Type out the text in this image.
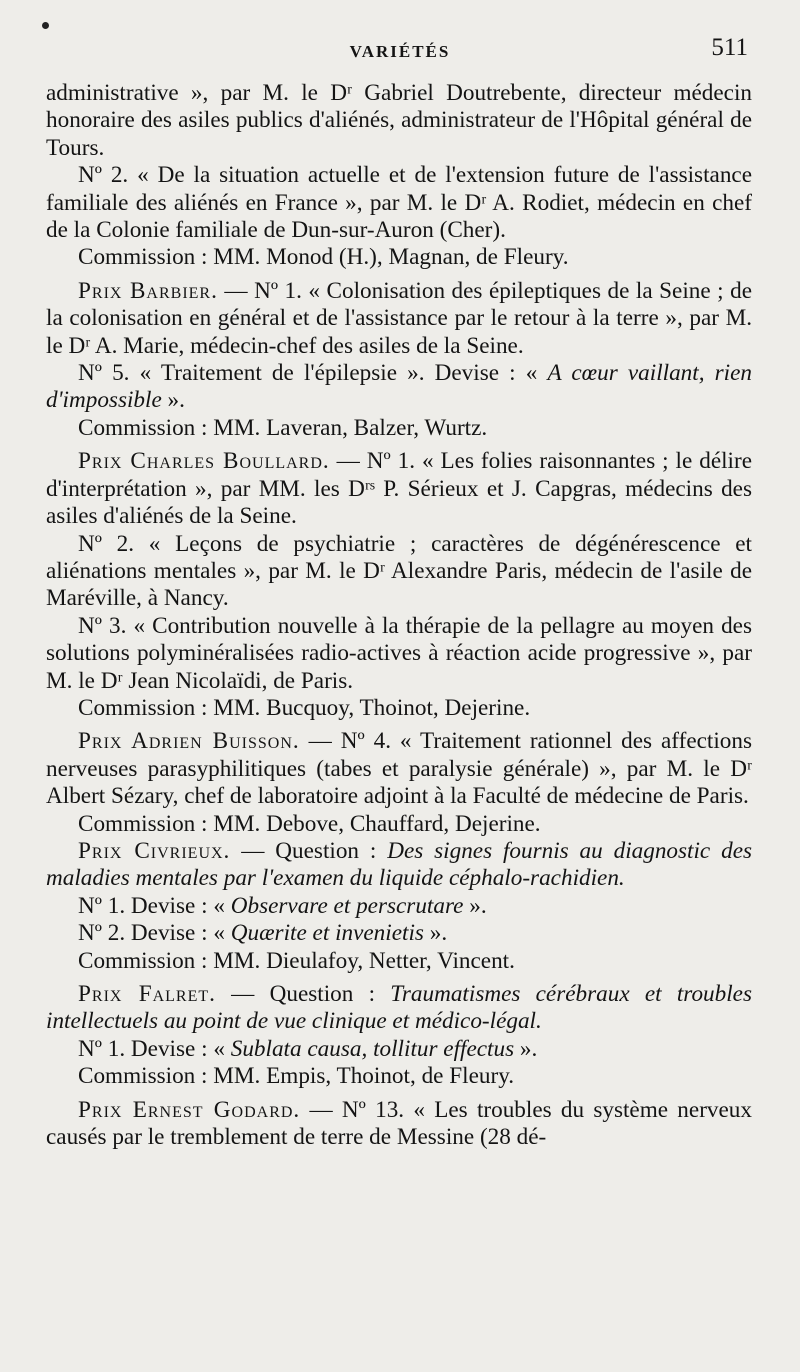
VARIÉTÉS	511

administrative », par M. le Dʳ Gabriel Doutrebente, directeur médecin honoraire des asiles publics d'aliénés, administrateur de l'Hôpital général de Tours.

Nº 2. « De la situation actuelle et de l'extension future de l'assistance familiale des aliénés en France », par M. le Dʳ A. Rodiet, médecin en chef de la Colonie familiale de Dun-sur-Auron (Cher).

Commission : MM. Monod (H.), Magnan, de Fleury.

Prix Barbier. — Nº 1. « Colonisation des épileptiques de la Seine ; de la colonisation en général et de l'assistance par le retour à la terre », par M. le Dʳ A. Marie, médecin-chef des asiles de la Seine.

Nº 5. « Traitement de l'épilepsie ». Devise : « A cœur vaillant, rien d'impossible ».

Commission : MM. Laveran, Balzer, Wurtz.

Prix Charles Boullard. — Nº 1. « Les folies raisonnantes ; le délire d'interprétation », par MM. les Dʳˢ P. Sérieux et J. Capgras, médecins des asiles d'aliénés de la Seine.

Nº 2. « Leçons de psychiatrie ; caractères de dégénérescence et aliénations mentales », par M. le Dʳ Alexandre Paris, médecin de l'asile de Maréville, à Nancy.

Nº 3. « Contribution nouvelle à la thérapie de la pellagre au moyen des solutions polyminéralisées radio-actives à réaction acide progressive », par M. le Dʳ Jean Nicolaïdi, de Paris.

Commission : MM. Bucquoy, Thoinot, Dejerine.

Prix Adrien Buisson. — Nº 4. « Traitement rationnel des affections nerveuses parasyphilitiques (tabes et paralysie générale) », par M. le Dʳ Albert Sézary, chef de laboratoire adjoint à la Faculté de médecine de Paris.

Commission : MM. Debove, Chauffard, Dejerine.

Prix Civrieux. — Question : Des signes fournis au diagnostic des maladies mentales par l'examen du liquide céphalo-rachidien.

Nº 1. Devise : « Observare et perscrutare ».

Nº 2. Devise : « Quærite et invenietis ».

Commission : MM. Dieulafoy, Netter, Vincent.

Prix Falret. — Question : Traumatismes cérébraux et troubles intellectuels au point de vue clinique et médico-légal.

Nº 1. Devise : « Sublata causa, tollitur effectus ».

Commission : MM. Empis, Thoinot, de Fleury.

Prix Ernest Godard. — Nº 13. « Les troubles du système nerveux causés par le tremblement de terre de Messine (28 dé-
